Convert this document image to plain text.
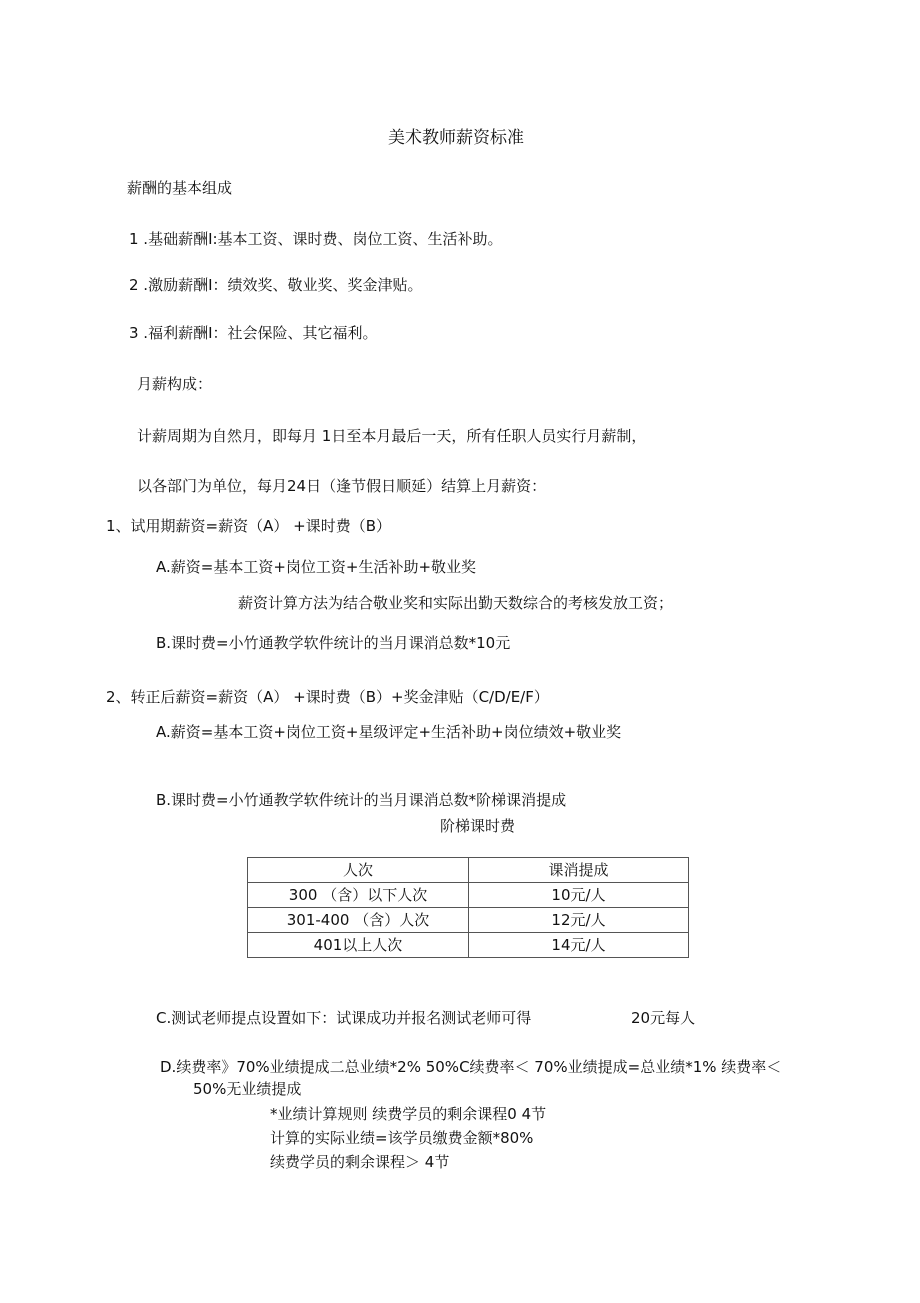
美术教师薪资标准
薪酬的基本组成
1 .基础薪酬I:基本工资、课时费、岗位工资、生活补助。
2 .激励薪酬I：绩效奖、敬业奖、奖金津贴。
3 .福利薪酬I：社会保险、其它福利。
月薪构成：
计薪周期为自然月，即每月 1日至本月最后一天，所有任职人员实行月薪制，
以各部门为单位，每月24日（逢节假日顺延）结算上月薪资：
1、试用期薪资=薪资（A） +课时费（B）
A.薪资=基本工资+岗位工资+生活补助+敬业奖
薪资计算方法为结合敬业奖和实际出勤天数综合的考核发放工资；
B.课时费=小竹通教学软件统计的当月课消总数*10元
2、转正后薪资=薪资（A） +课时费（B）+奖金津贴（C/D/E/F）
A.薪资=基本工资+岗位工资+星级评定+生活补助+岗位绩效+敬业奖
B.课时费=小竹通教学软件统计的当月课消总数*阶梯课消提成
阶梯课时费
人次	课消提成
300 （含）以下人次	10元/人
301-400 （含）人次	12元/人
401以上人次	14元/人
C.测试老师提点设置如下：试课成功并报名测试老师可得	20元每人
D.续费率》70%业绩提成二总业绩*2% 50%C续费率＜ 70%业绩提成=总业绩*1% 续费率＜
50%无业绩提成
*业绩计算规则 续费学员的剩余课程0 4节
计算的实际业绩=该学员缴费金额*80%
续费学员的剩余课程＞ 4节
